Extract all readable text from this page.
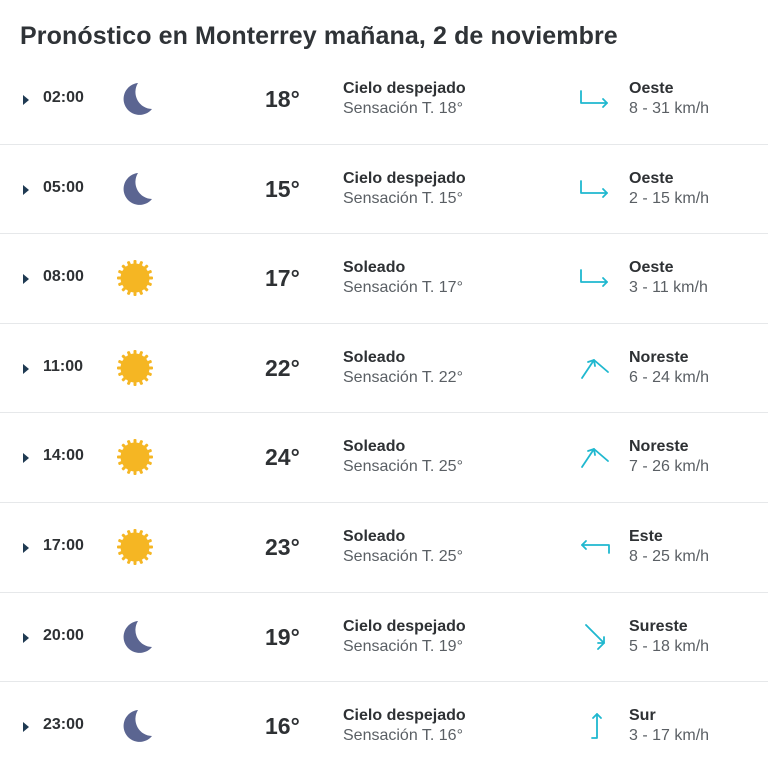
Pronóstico en Monterrey mañana, 2 de noviembre
02:00	18°	Cielo despejado
Sensación T. 18°
Oeste
8 - 31 km/h
05:00	15°	Cielo despejado
Sensación T. 15°
Oeste
2 - 15 km/h
08:00	17°	Soleado
Sensación T. 17°
Oeste
3 - 11 km/h
11:00	22°	Soleado
Sensación T. 22°
Noreste
6 - 24 km/h
14:00	24°	Soleado
Sensación T. 25°
Noreste
7 - 26 km/h
17:00	23°	Soleado
Sensación T. 25°
Este
8 - 25 km/h
20:00	19°	Cielo despejado
Sensación T. 19°
Sureste
5 - 18 km/h
23:00	16°	Cielo despejado
Sensación T. 16°
Sur
3 - 17 km/h
